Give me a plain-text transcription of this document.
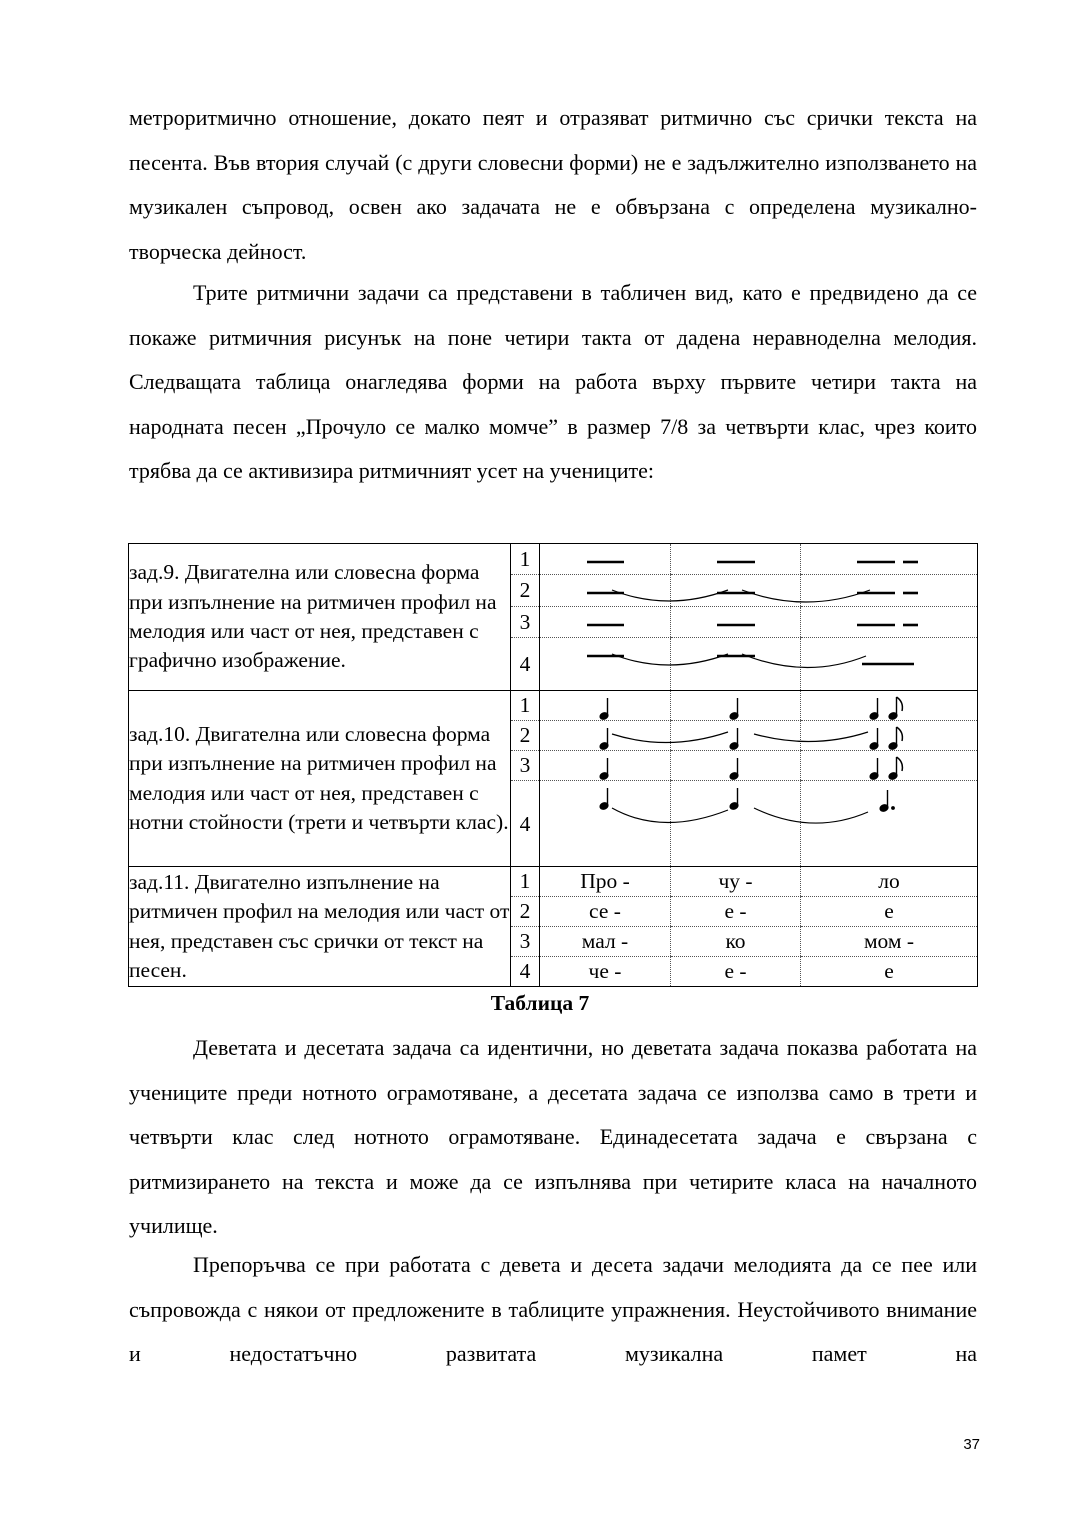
метроритмично отношение, докато пеят и отразяват ритмично със срички текста на песента. Във втория случай (с други словесни форми) не е задължително използването на музикален съпровод, освен ако задачата не е обвързана с определена музикално-творческа дейност.

Трите ритмични задачи са представени в табличен вид, като е предвидено да се покаже ритмичния рисунък на поне четири такта от дадена неравноделна мелодия. Следващата таблица онагледява форми на работа върху първите четири такта на народната песен „Прочуло се малко момче” в размер 7/8 за четвърти клас, чрез които трябва да се активизира ритмичният усет на учениците:

зад.9. Двигателна или словесна форма при изпълнение на ритмичен профил на мелодия или част от нея, представен с графично изображение.	1			
	2			
	3			
	4			
зад.10. Двигателна или словесна форма при изпълнение на ритмичен профил на мелодия или част от нея, представен с нотни стойности (трети и четвърти клас).	1			
	2			
	3			
	4			
зад.11. Двигателно изпълнение на ритмичен профил на мелодия или част от нея, представен със срички от текст на песен.	1	Про -	чу -	ло
	2	се -	е -	е
	3	мал -	ко	мом -
	4	че -	е -	е
Таблица 7

Деветата и десетата задача са идентични, но деветата задача показва работата на учениците преди нотното ограмотяване, а десетата задача се използва само в трети и четвърти клас след нотното ограмотяване. Единадесетата задача е свързана с ритмизирането на текста и може да се изпълнява при четирите класа на началното училище.

Препоръчва се при работата с девета и десета задачи мелодията да се пее или съпровожда с някои от предложените в таблиците упражнения. Неустойчивото внимание и недостатъчно развитата музикална памет на

37
